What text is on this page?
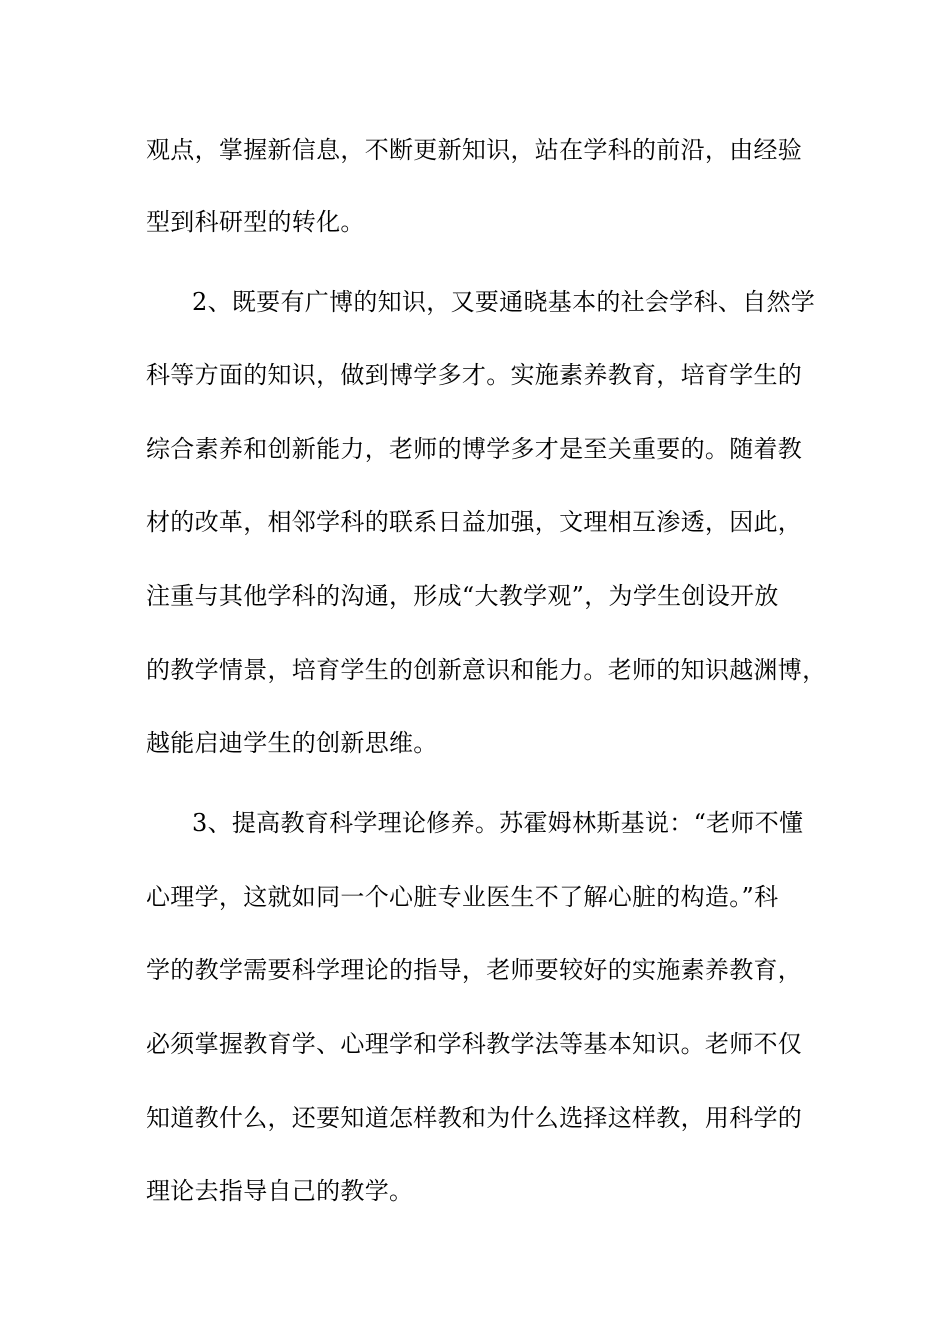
观点，掌握新信息，不断更新知识，站在学科的前沿，由经验
型到科研型的转化。
2、既要有广博的知识，又要通晓基本的社会学科、自然学
科等方面的知识，做到博学多才。实施素养教育，培育学生的
综合素养和创新能力，老师的博学多才是至关重要的。随着教
材的改革，相邻学科的联系日益加强，文理相互渗透，因此，
注重与其他学科的沟通，形成“大教学观”，为学生创设开放
的教学情景，培育学生的创新意识和能力。老师的知识越渊博，
越能启迪学生的创新思维。
3、提高教育科学理论修养。苏霍姆林斯基说：“老师不懂
心理学，这就如同一个心脏专业医生不了解心脏的构造。”科
学的教学需要科学理论的指导，老师要较好的实施素养教育，
必须掌握教育学、心理学和学科教学法等基本知识。老师不仅
知道教什么，还要知道怎样教和为什么选择这样教，用科学的
理论去指导自己的教学。
